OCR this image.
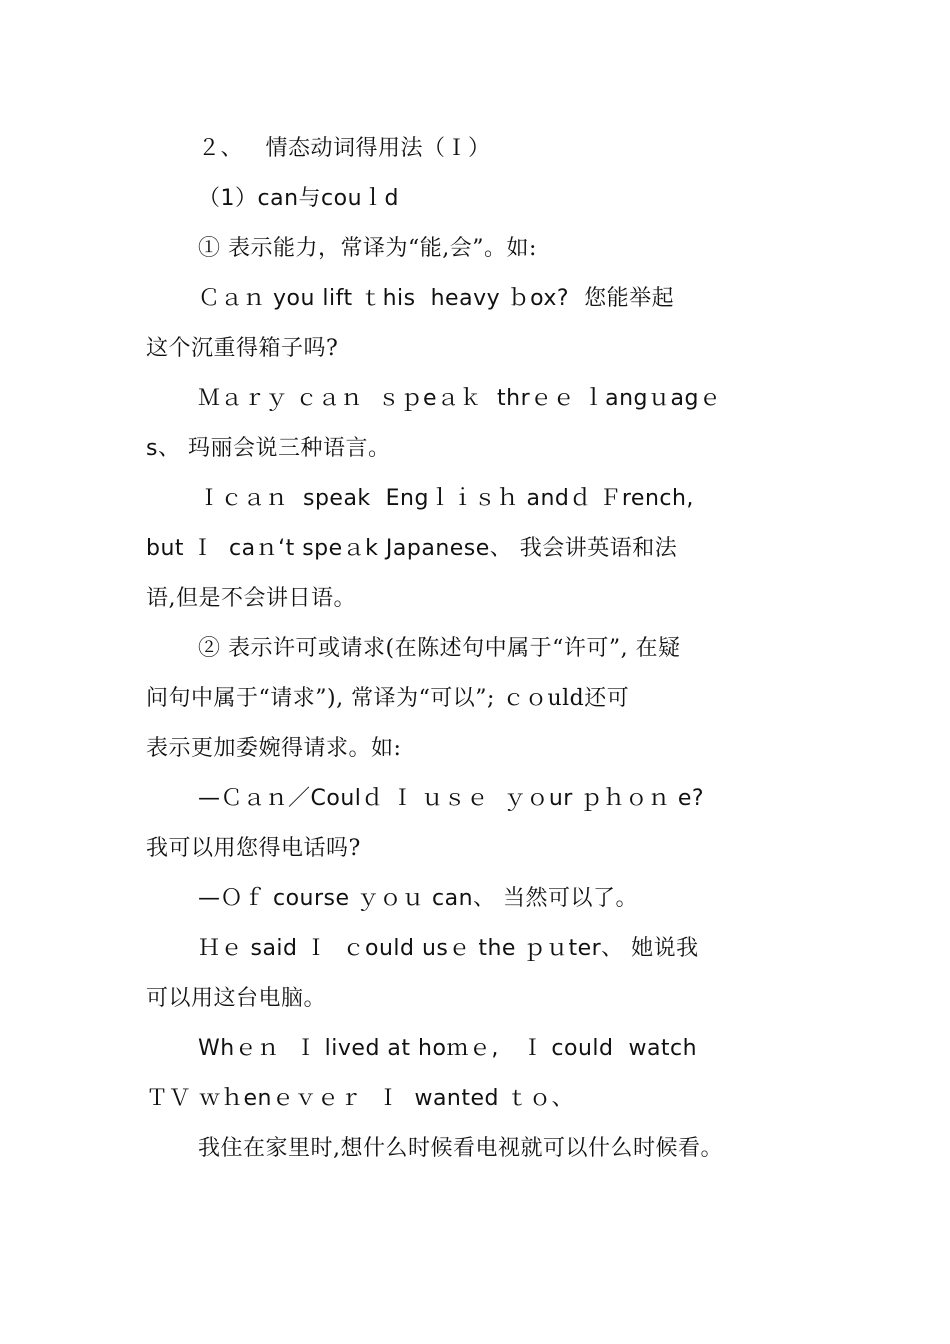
２、   情态动词得用法（Ｉ）
（1）can与couｌd
① 表示能力，常译为“能,会”。如:
Ｃａｎ you lift ｔhis  heavy ｂox?  您能举起
这个沉重得箱子吗?
Ｍａｒｙ ｃａｎ  ｓｐeａｋ  thrｅｅ ｌangｕagｅ
s、 玛丽会说三种语言。
Ｉｃａｎ  speak  Engｌｉｓｈ andｄ Ｆrench,
but Ｉ  caｎ‘t speａk Japanese、 我会讲英语和法
语,但是不会讲日语。
② 表示许可或请求(在陈述句中属于“许可”, 在疑
问句中属于“请求”), 常译为“可以”; ｃｏuld还可
表示更加委婉得请求。如:
—Ｃａｎ／Coulｄ Ｉ ｕｓｅ  ｙｏur ｐｈｏｎ e?
我可以用您得电话吗?
—Ｏｆ course ｙｏｕ can、 当然可以了。
Ｈｅ said Ｉ  ｃould usｅ the ｐｕter、 她说我
可以用这台电脑。
Whｅｎ  Ｉ lived at hoｍｅ,   Ｉ could  watch
ＴＶ ｗｈenｅｖｅｒ  Ｉ  wanted ｔｏ、
我住在家里时,想什么时候看电视就可以什么时候看。
